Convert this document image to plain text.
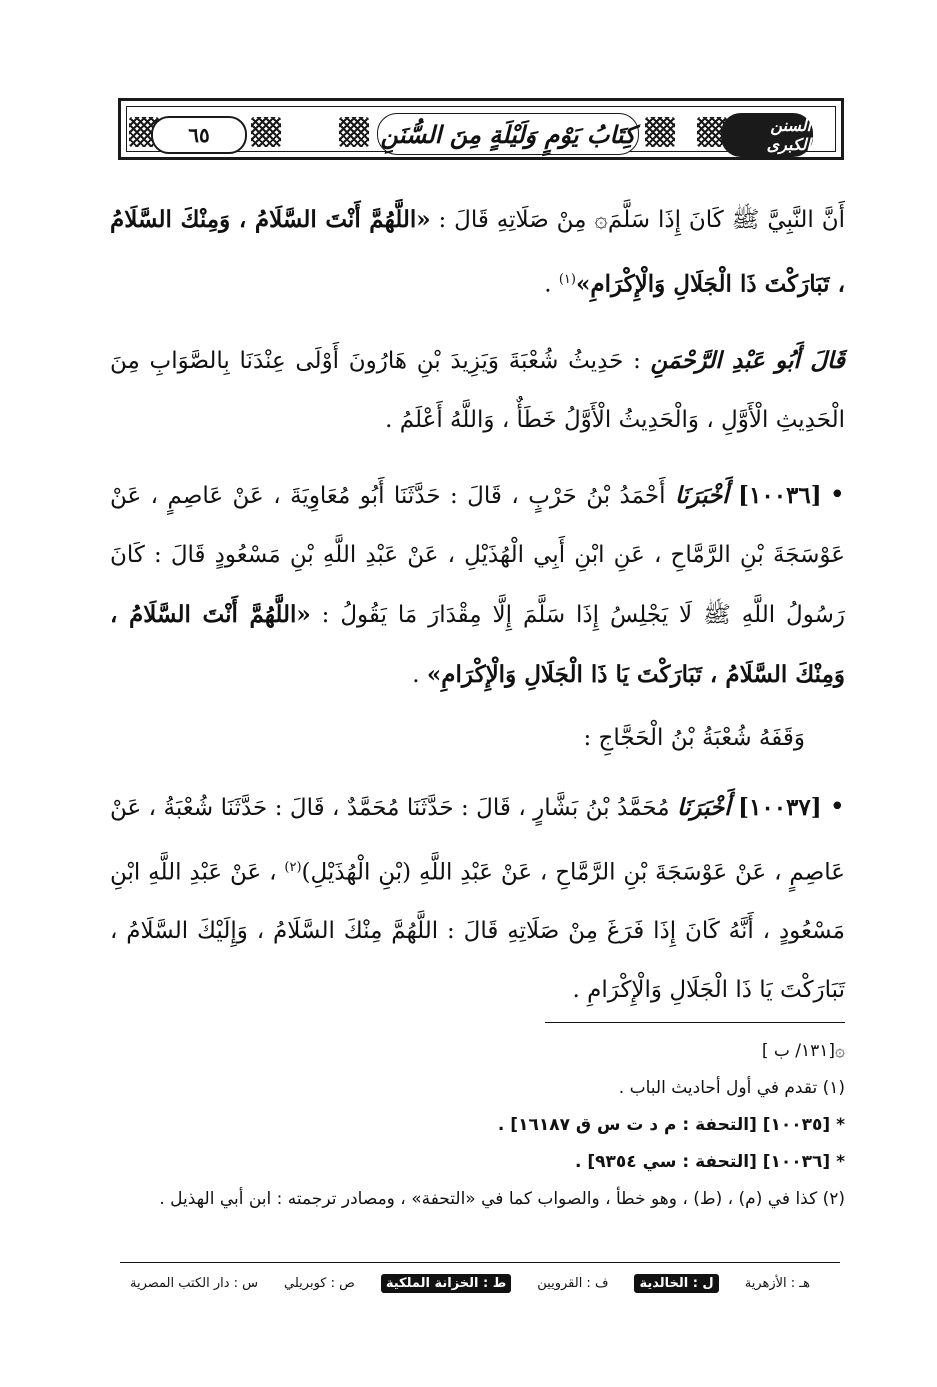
٦٥	كِتَابُ يَوْمٍ وَلَيْلَةٍ مِنَ السُّنَنِ	السنن الكبرى

أَنَّ النَّبِيَّ ﷺ كَانَ إِذَا سَلَّمَ۞ مِنْ صَلَاتِهِ قَالَ : «اللَّهُمَّ أَنْتَ السَّلَامُ ، وَمِنْكَ السَّلَامُ ، تَبَارَكْتَ ذَا الْجَلَالِ وَالْإِكْرَامِ»$^{(١)}$ .

قَالَ أَبُو عَبْدِ الرَّحْمَنِ : حَدِيثُ شُعْبَةَ وَيَزِيدَ بْنِ هَارُونَ أَوْلَى عِنْدَنَا بِالصَّوَابِ مِنَ الْحَدِيثِ الْأَوَّلِ ، وَالْحَدِيثُ الْأَوَّلُ خَطَأٌ ، وَاللَّهُ أَعْلَمُ .

• [١٠٠٣٦] أَخْبَرَنَا أَحْمَدُ بْنُ حَرْبٍ ، قَالَ : حَدَّثَنَا أَبُو مُعَاوِيَةَ ، عَنْ عَاصِمٍ ، عَنْ عَوْسَجَةَ بْنِ الرَّمَّاحِ ، عَنِ ابْنِ أَبِي الْهُذَيْلِ ، عَنْ عَبْدِ اللَّهِ بْنِ مَسْعُودٍ قَالَ : كَانَ رَسُولُ اللَّهِ ﷺ لَا يَجْلِسُ إِذَا سَلَّمَ إِلَّا مِقْدَارَ مَا يَقُولُ : «اللَّهُمَّ أَنْتَ السَّلَامُ ، وَمِنْكَ السَّلَامُ ، تَبَارَكْتَ يَا ذَا الْجَلَالِ وَالْإِكْرَامِ» .

وَقَفَهُ شُعْبَةُ بْنُ الْحَجَّاجِ :

• [١٠٠٣٧] أَخْبَرَنَا مُحَمَّدُ بْنُ بَشَّارٍ ، قَالَ : حَدَّثَنَا مُحَمَّدٌ ، قَالَ : حَدَّثَنَا شُعْبَةُ ، عَنْ عَاصِمٍ ، عَنْ عَوْسَجَةَ بْنِ الرَّمَّاحِ ، عَنْ عَبْدِ اللَّهِ (بْنِ الْهُذَيْلِ)$^{(٢)}$ ، عَنْ عَبْدِ اللَّهِ ابْنِ مَسْعُودٍ ، أَنَّهُ كَانَ إِذَا فَرَغَ مِنْ صَلَاتِهِ قَالَ : اللَّهُمَّ مِنْكَ السَّلَامُ ، وَإِلَيْكَ السَّلَامُ ، تَبَارَكْتَ يَا ذَا الْجَلَالِ وَالْإِكْرَامِ .

۞[١٣١/ ب ]

(١) تقدم في أول أحاديث الباب .

* [١٠٠٣٥] [التحفة : م د ت س ق ١٦١٨٧] .

* [١٠٠٣٦] [التحفة : سي ٩٣٥٤] .

(٢) كذا في (م) ، (ط) ، وهو خطأ ، والصواب كما في «التحفة» ، ومصادر ترجمته : ابن أبي الهذيل .

س : دار الكتب المصرية ص : كوبريلي	ط : الخزانة الملكية	ف : القرويين	ل : الخالدية	هـ : الأزهرية
